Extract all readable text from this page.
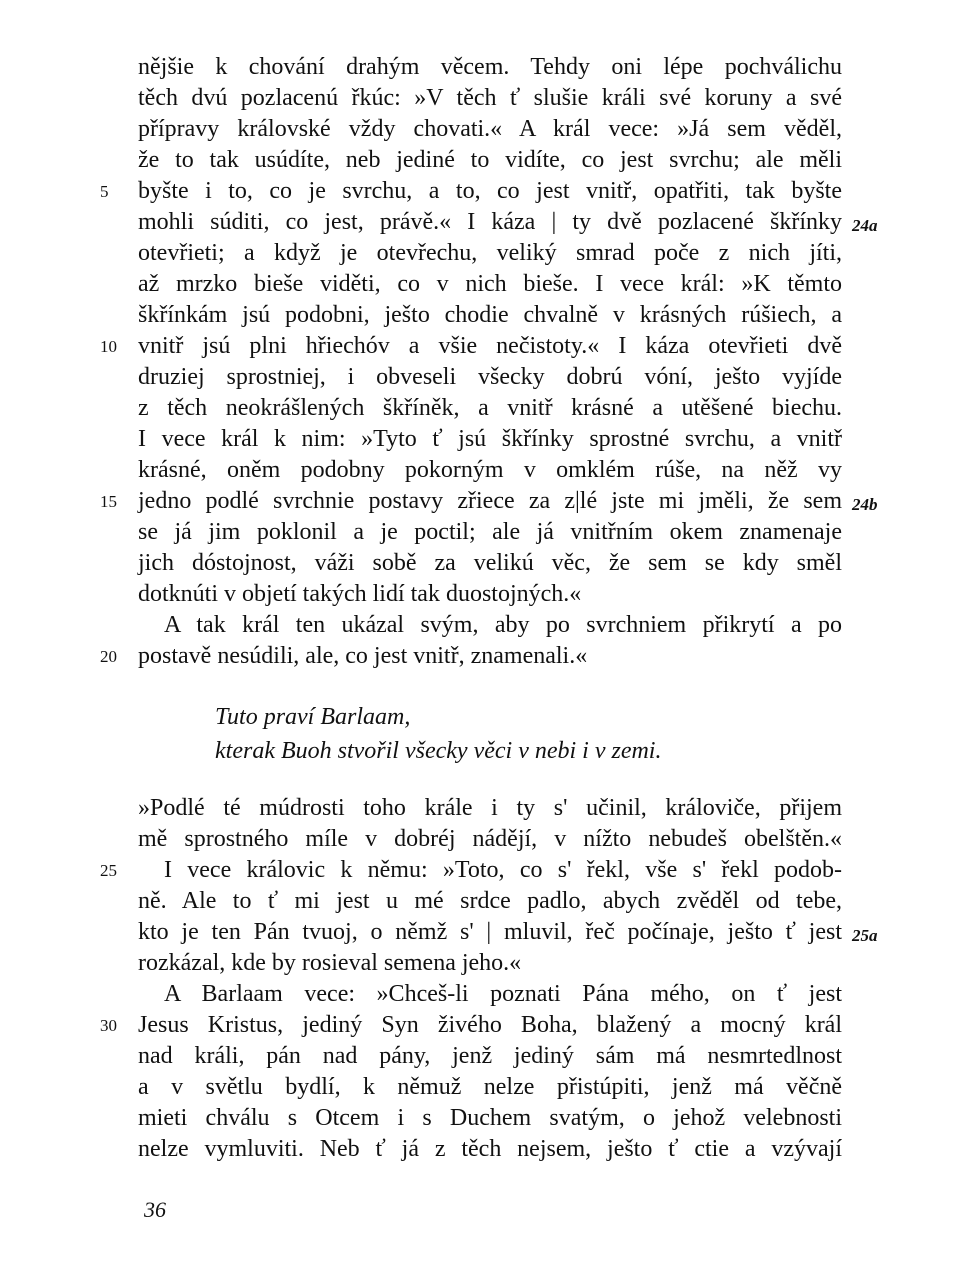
nějšie k chování drahým věcem. Tehdy oni lépe pochválichu
těch dvú pozlacenú řkúc: »V těch ť slušie králi své koruny a své
přípravy královské vždy chovati.« A král vece: »Já sem věděl,
že to tak usúdíte, neb jediné to vidíte, co jest svrchu; ale měli
byšte i to, co je svrchu, a to, co jest vnitř, opatřiti, tak byšte
mohli súditi, co jest, právě.« I káza | ty dvě pozlacené škřínky
otevřieti; a když je otevřechu, veliký smrad poče z nich jíti,
až mrzko bieše viděti, co v nich bieše. I vece král: »K těmto
škřínkám jsú podobni, ješto chodie chvalně v krásných rúšiech, a
vnitř jsú plni hřiechóv a všie nečistoty.« I káza otevřieti dvě
druziej sprostniej, i obveseli všecky dobrú vóní, ješto vyjíde
z těch neokrášlených škříněk, a vnitř krásné a utěšené biechu.
I vece král k nim: »Tyto ť jsú škřínky sprostné svrchu, a vnitř
krásné, oněm podobny pokorným v omklém rúše, na něž vy
jedno podlé svrchnie postavy zřiece za z|lé jste mi jměli, že sem
se já jim poklonil a je poctil; ale já vnitřním okem znamenaje
jich dóstojnost, váži sobě za velikú věc, že sem se kdy směl
dotknúti v objetí takých lidí tak duostojných.«
A tak král ten ukázal svým, aby po svrchniem přikrytí a po
postavě nesúdili, ale, co jest vnitř, znamenali.«
Tuto praví Barlaam,
kterak Buoh stvořil všecky věci v nebi i v zemi.
»Podlé té múdrosti toho krále i ty s' učinil, královiče, přijem
mě sprostného míle v dobréj nádějí, v nížto nebudeš obelštěn.«
I vece královic k němu: »Toto, co s' řekl, vše s' řekl podob-
ně. Ale to ť mi jest u mé srdce padlo, abych zvěděl od tebe,
kto je ten Pán tvuoj, o němž s' | mluvil, řeč počínaje, ješto ť jest
rozkázal, kde by rosieval semena jeho.«
A Barlaam vece: »Chceš-li poznati Pána mého, on ť jest
Jesus Kristus, jediný Syn živého Boha, blažený a mocný král
nad králi, pán nad pány, jenž jediný sám má nesmrtedlnost
a v světlu bydlí, k němuž nelze přistúpiti, jenž má věčně
mieti chválu s Otcem i s Duchem svatým, o jehož velebnosti
nelze vymluviti. Neb ť já z těch nejsem, ješto ť ctie a vzývají
5
10
15
20
25
30
24a
24b
25a
36
